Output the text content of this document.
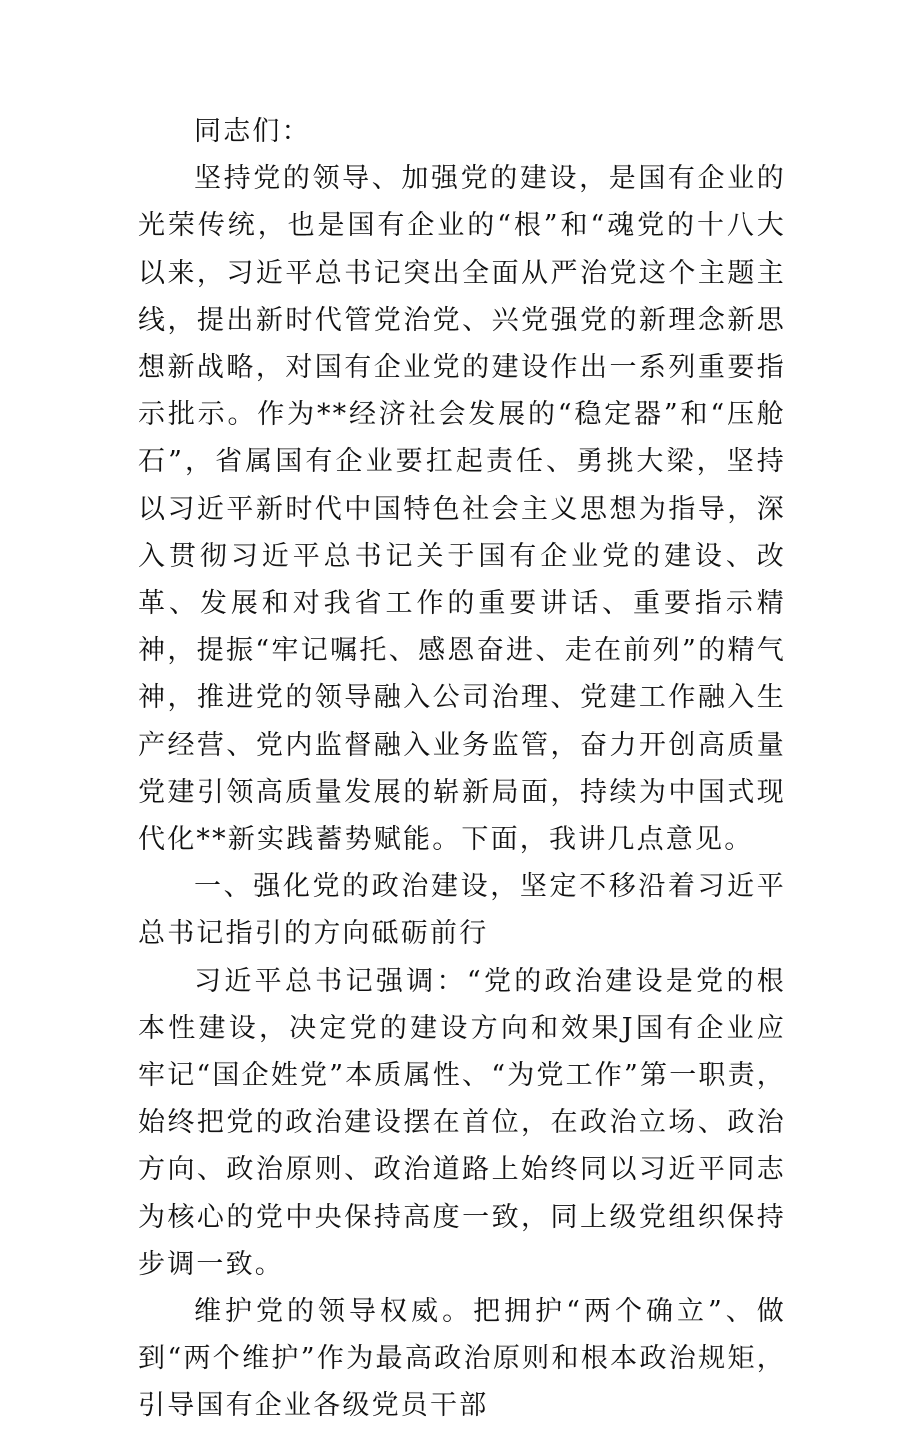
同志们：

坚持党的领导、加强党的建设，是国有企业的光荣传统，也是国有企业的“根”和“魂党的十八大以来，习近平总书记突出全面从严治党这个主题主线，提出新时代管党治党、兴党强党的新理念新思想新战略，对国有企业党的建设作出一系列重要指示批示。作为**经济社会发展的“稳定器”和“压舱石”，省属国有企业要扛起责任、勇挑大梁，坚持以习近平新时代中国特色社会主义思想为指导，深入贯彻习近平总书记关于国有企业党的建设、改革、发展和对我省工作的重要讲话、重要指示精神，提振“牢记嘱托、感恩奋进、走在前列”的精气神，推进党的领导融入公司治理、党建工作融入生产经营、党内监督融入业务监管，奋力开创高质量党建引领高质量发展的崭新局面，持续为中国式现代化**新实践蓄势赋能。下面，我讲几点意见。

一、强化党的政治建设，坚定不移沿着习近平总书记指引的方向砥砺前行

习近平总书记强调：“党的政治建设是党的根本性建设，决定党的建设方向和效果J国有企业应牢记“国企姓党”本质属性、“为党工作”第一职责，始终把党的政治建设摆在首位，在政治立场、政治方向、政治原则、政治道路上始终同以习近平同志为核心的党中央保持高度一致，同上级党组织保持步调一致。

维护党的领导权威。把拥护“两个确立”、做到“两个维护”作为最高政治原则和根本政治规矩，引导国有企业各级党员干部
